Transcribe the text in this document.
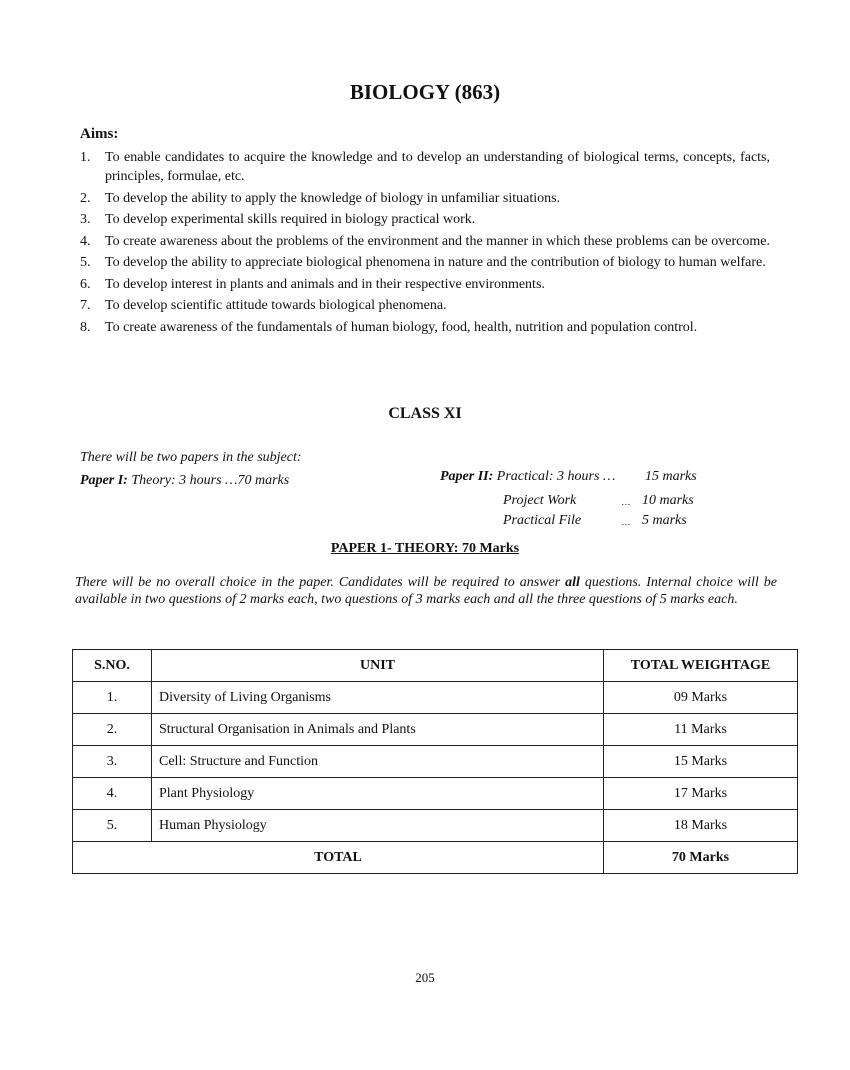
BIOLOGY (863)
Aims:
1. To enable candidates to acquire the knowledge and to develop an understanding of biological terms, concepts, facts, principles, formulae, etc.
2. To develop the ability to apply the knowledge of biology in unfamiliar situations.
3. To develop experimental skills required in biology practical work.
4. To create awareness about the problems of the environment and the manner in which these problems can be overcome.
5. To develop the ability to appreciate biological phenomena in nature and the contribution of biology to human welfare.
6. To develop interest in plants and animals and in their respective environments.
7. To develop scientific attitude towards biological phenomena.
8. To create awareness of the fundamentals of human biology, food, health, nutrition and population control.
CLASS XI
There will be two papers in the subject:
Paper I: Theory: 3 hours …70 marks	Paper II: Practical: 3 hours … 15 marks
Project Work	… 10 marks
Practical File	… 5 marks
PAPER 1- THEORY: 70 Marks

There will be no overall choice in the paper. Candidates will be required to answer all questions. Internal choice will be available in two questions of 2 marks each, two questions of 3 marks each and all the three questions of 5 marks each.

S.NO.	UNIT	TOTAL WEIGHTAGE
1.	Diversity of Living Organisms	09 Marks
2.	Structural Organisation in Animals and Plants	11 Marks
3.	Cell: Structure and Function	15 Marks
4.	Plant Physiology	17 Marks
5.	Human Physiology	18 Marks
TOTAL		70 Marks
205
